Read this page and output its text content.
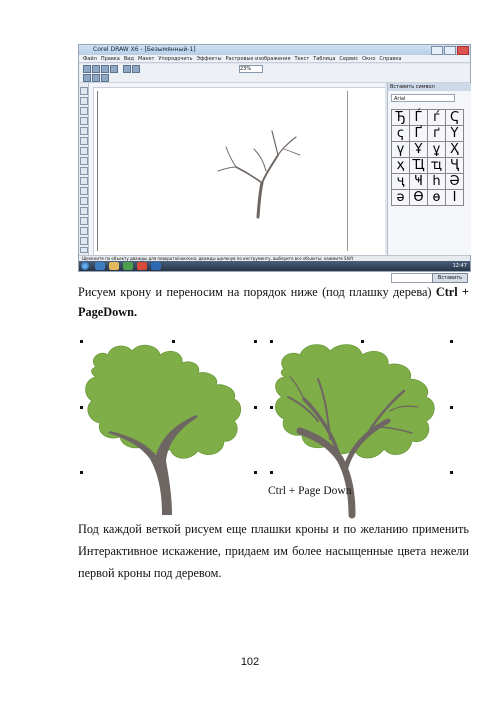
Corel DRAW X6 - [Безымянный-1]
Файл Правка Вид Макет Упорядочить Эффекты Растровые изображения Текст Таблица Сервис Окно Справка
23%
Вставить символ
Arial
Ђ Ѓ ѓ Ҁ
ҁ Ґ ґ Ү
ү Ұ ұ Ҳ
ҳ Ҵ ҵ Ҷ
ҷ Ҹ һ Ә
ә Ө ө Ӏ
Вставить
Щелкните по объекту дважды для поворота/наклона; дважды щелкнув по инструменту, выберите все объекты; нажмите Shift
12:47

Рисуем крону и переносим на порядок ниже (под плашку дерева) Ctrl + PageDown.

Ctrl + Page Down

Под каждой веткой рисуем еще плашки кроны и по желанию применить Интерактивное искажение, придаем им более насыщенные цвета нежели первой кроны под деревом.

102
